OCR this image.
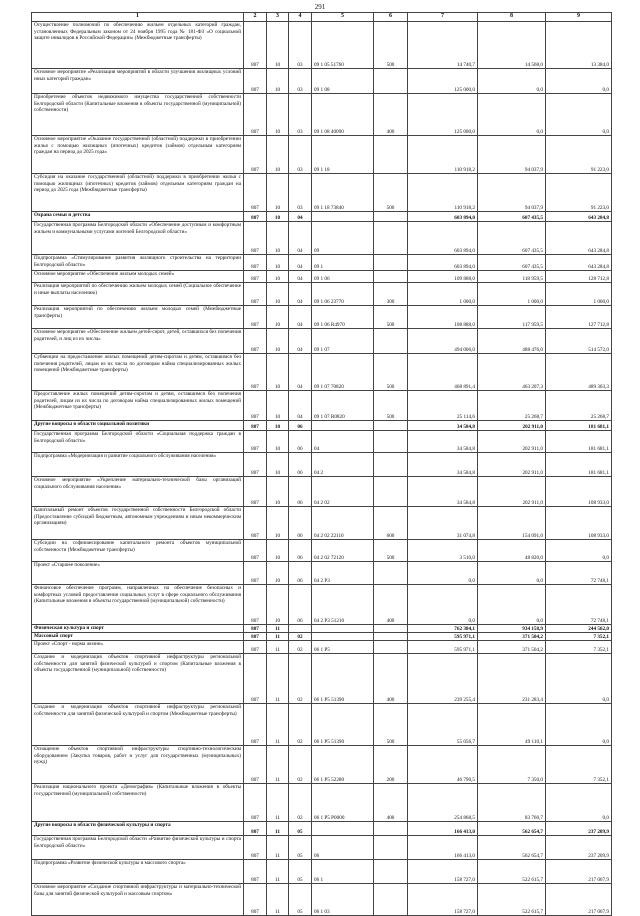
291
1	2	3	4	5	6	7	8	9
Осуществление полномочий по обеспечению жильем отдельных категорий граждан, установленных Федеральным законом от 24 ноября 1995 года № 181-ФЗ «О социальной защите инвалидов в Российской Федерации» (Межбюджетные трансферты)	807	10	03	09 1 05 51760	500	14 740,7	14 568,0	13 384,0
Основное мероприятие «Реализация мероприятий в области улучшения жилищных условий иных категорий граждан»	807	10	03	09 1 08		125 000,0	0,0	0,0
Приобретение объектов недвижимого имущества государственной собственности Белгородской области (Капитальные вложения в объекты государственной (муниципальной) собственности)	807	10	03	09 1 08 40090	400	125 000,0	0,0	0,0
Основное мероприятие «Оказание государственной (областной) поддержки в приобретении жилья с помощью жилищных (ипотечных) кредитов (займов) отдельным категориям граждан на период до 2025 года»	807	10	03	09 1 18		110 918,2	94 037,9	91 223,0
Субсидия на оказание государственной (областной) поддержки в приобретении жилья с помощью жилищных (ипотечных) кредитов (займов) отдельным категориям граждан на период до 2025 года (Межбюджетные трансферты)	807	10	03	09 1 18 73840	500	110 918,2	94 037,9	91 223,0
Охрана семьи и детства	807	10	04			603 894,0	607 435,5	643 284,8
Государственная программа Белгородской области «Обеспечение доступным и комфортным жильем и коммунальными услугами жителей Белгородской области»	807	10	04	09		603 894,0	607 435,5	643 284,8
Подпрограмма «Стимулирование развития жилищного строительства на территории Белгородской области»	807	10	04	09 1		603 894,0	607 435,5	643 284,8
Основное мероприятие «Обеспечение жильем молодых семей»	807	10	04	09 1 06		109 888,0	118 959,5	128 712,8
Реализация мероприятий по обеспечению жильем молодых семей (Социальное обеспечение и иные выплаты населению)	807	10	04	09 1 06 23770	300	1 000,0	1 000,0	1 000,0
Реализация мероприятий по обеспечению жильем молодых семей (Межбюджетные трансферты)	807	10	04	09 1 06 R4970	500	108 888,0	117 959,5	127 712,8
Основное мероприятие «Обеспечение жильем детей-сирот, детей, оставшихся без попечения родителей, и лиц из их числа»	807	10	04	09 1 07		494 006,0	488 476,0	514 572,0
Субвенции на предоставление жилых помещений детям-сиротам и детям, оставшимся без попечения родителей, лицам из их числа по договорам найма специализированных жилых помещений (Межбюджетные трансферты)	807	10	04	09 1 07 70820	500	468 891,4	463 207,3	489 303,3
Предоставление жилых помещений детям-сиротам и детям, оставшимся без попечения родителей, лицам из их числа по договорам найма специализированных жилых помещений (Межбюджетные трансферты)	807	10	04	09 1 07 R0820	500	25 114,6	25 268,7	25 268,7
Другие вопросы в области социальной политики	807	10	06			34 584,8	202 911,0	181 681,1
Государственная программа Белгородской области «Социальная поддержка граждан в Белгородской области»	807	10	06	04		34 584,8	202 911,0	181 681,1
Подпрограмма «Модернизация и развитие социального обслуживания населения»	807	10	06	04 2		34 584,8	202 911,0	181 681,1
Основное мероприятие «Укрепление материально-технической базы организаций социального обслуживания населения»	807	10	06	04 2 02		34 584,8	202 911,0	108 933,0
Капитальный ремонт объектов государственной собственности Белгородской области (Предоставление субсидий бюджетным, автономным учреждениям и иным некоммерческим организациям)	807	10	06	04 2 02 22110	600	31 074,8	154 091,0	108 933,0
Субсидии на софинансирование капитального ремонта объектов муниципальной собственности (Межбюджетные трансферты)	807	10	06	04 2 02 72120	500	3 510,0	48 820,0	0,0
Проект «Старшее поколение»	807	10	06	04 2 P3		0,0	0,0	72 748,1
Финансовое обеспечение программ, направленных на обеспечение безопасных и комфортных условий предоставления социальных услуг в сфере социального обслуживания (Капитальные вложения в объекты государственной (муниципальной) собственности)	807	10	06	04 2 P3 51210	400	0,0	0,0	72 748,1
Физическая культура и спорт	807	11				762 384,1	934 158,9	244 562,0
Массовый спорт	807	11	02			595 971,1	371 504,2	7 352,1
Проект «Спорт - норма жизни»	807	11	02	06 1 P5		595 971,1	371 504,2	7 352,1
Создание и модернизация объектов спортивной инфраструктуры региональной собственности для занятий физической культурой и спортом (Капитальные вложения в объекты государственной (муниципальной) собственности)	807	11	02	06 1 P5 51390	400	239 255,4	231 283,4	0,0
Создание и модернизация объектов спортивной инфраструктуры региональной собственности для занятий физической культурой и спортом (Межбюджетные трансферты)	807	11	02	06 1 P5 51390	500	55 056,7	49 110,1	0,0
Оснащение объектов спортивной инфраструктуры спортивно-технологическим оборудованием (Закупка товаров, работ и услуг для государственных (муниципальных) нужд)	807	11	02	06 1 P5 52280	200	46 790,5	7 350,0	7 352,1
Реализация национального проекта «Демография» (Капитальные вложения в объекты государственной (муниципальной) собственности)	807	11	02	06 1 P5 P0000	400	254 868,5	83 760,7	0,0
Другие вопросы в области физической культуры и спорта	807	11	05			166 413,0	562 654,7	237 209,9
Государственная программа Белгородской области «Развитие физической культуры и спорта Белгородской области»	807	11	05	06		166 413,0	562 654,7	237 209,9
Подпрограмма «Развитие физической культуры и массового спорта»	807	11	05	06 1		158 727,0	522 615,7	217 067,9
Основное мероприятие «Создание спортивной инфраструктуры и материально-технической базы для занятий физической культурой и массовым спортом»	807	11	05	06 1 03		158 727,0	522 615,7	217 067,9
